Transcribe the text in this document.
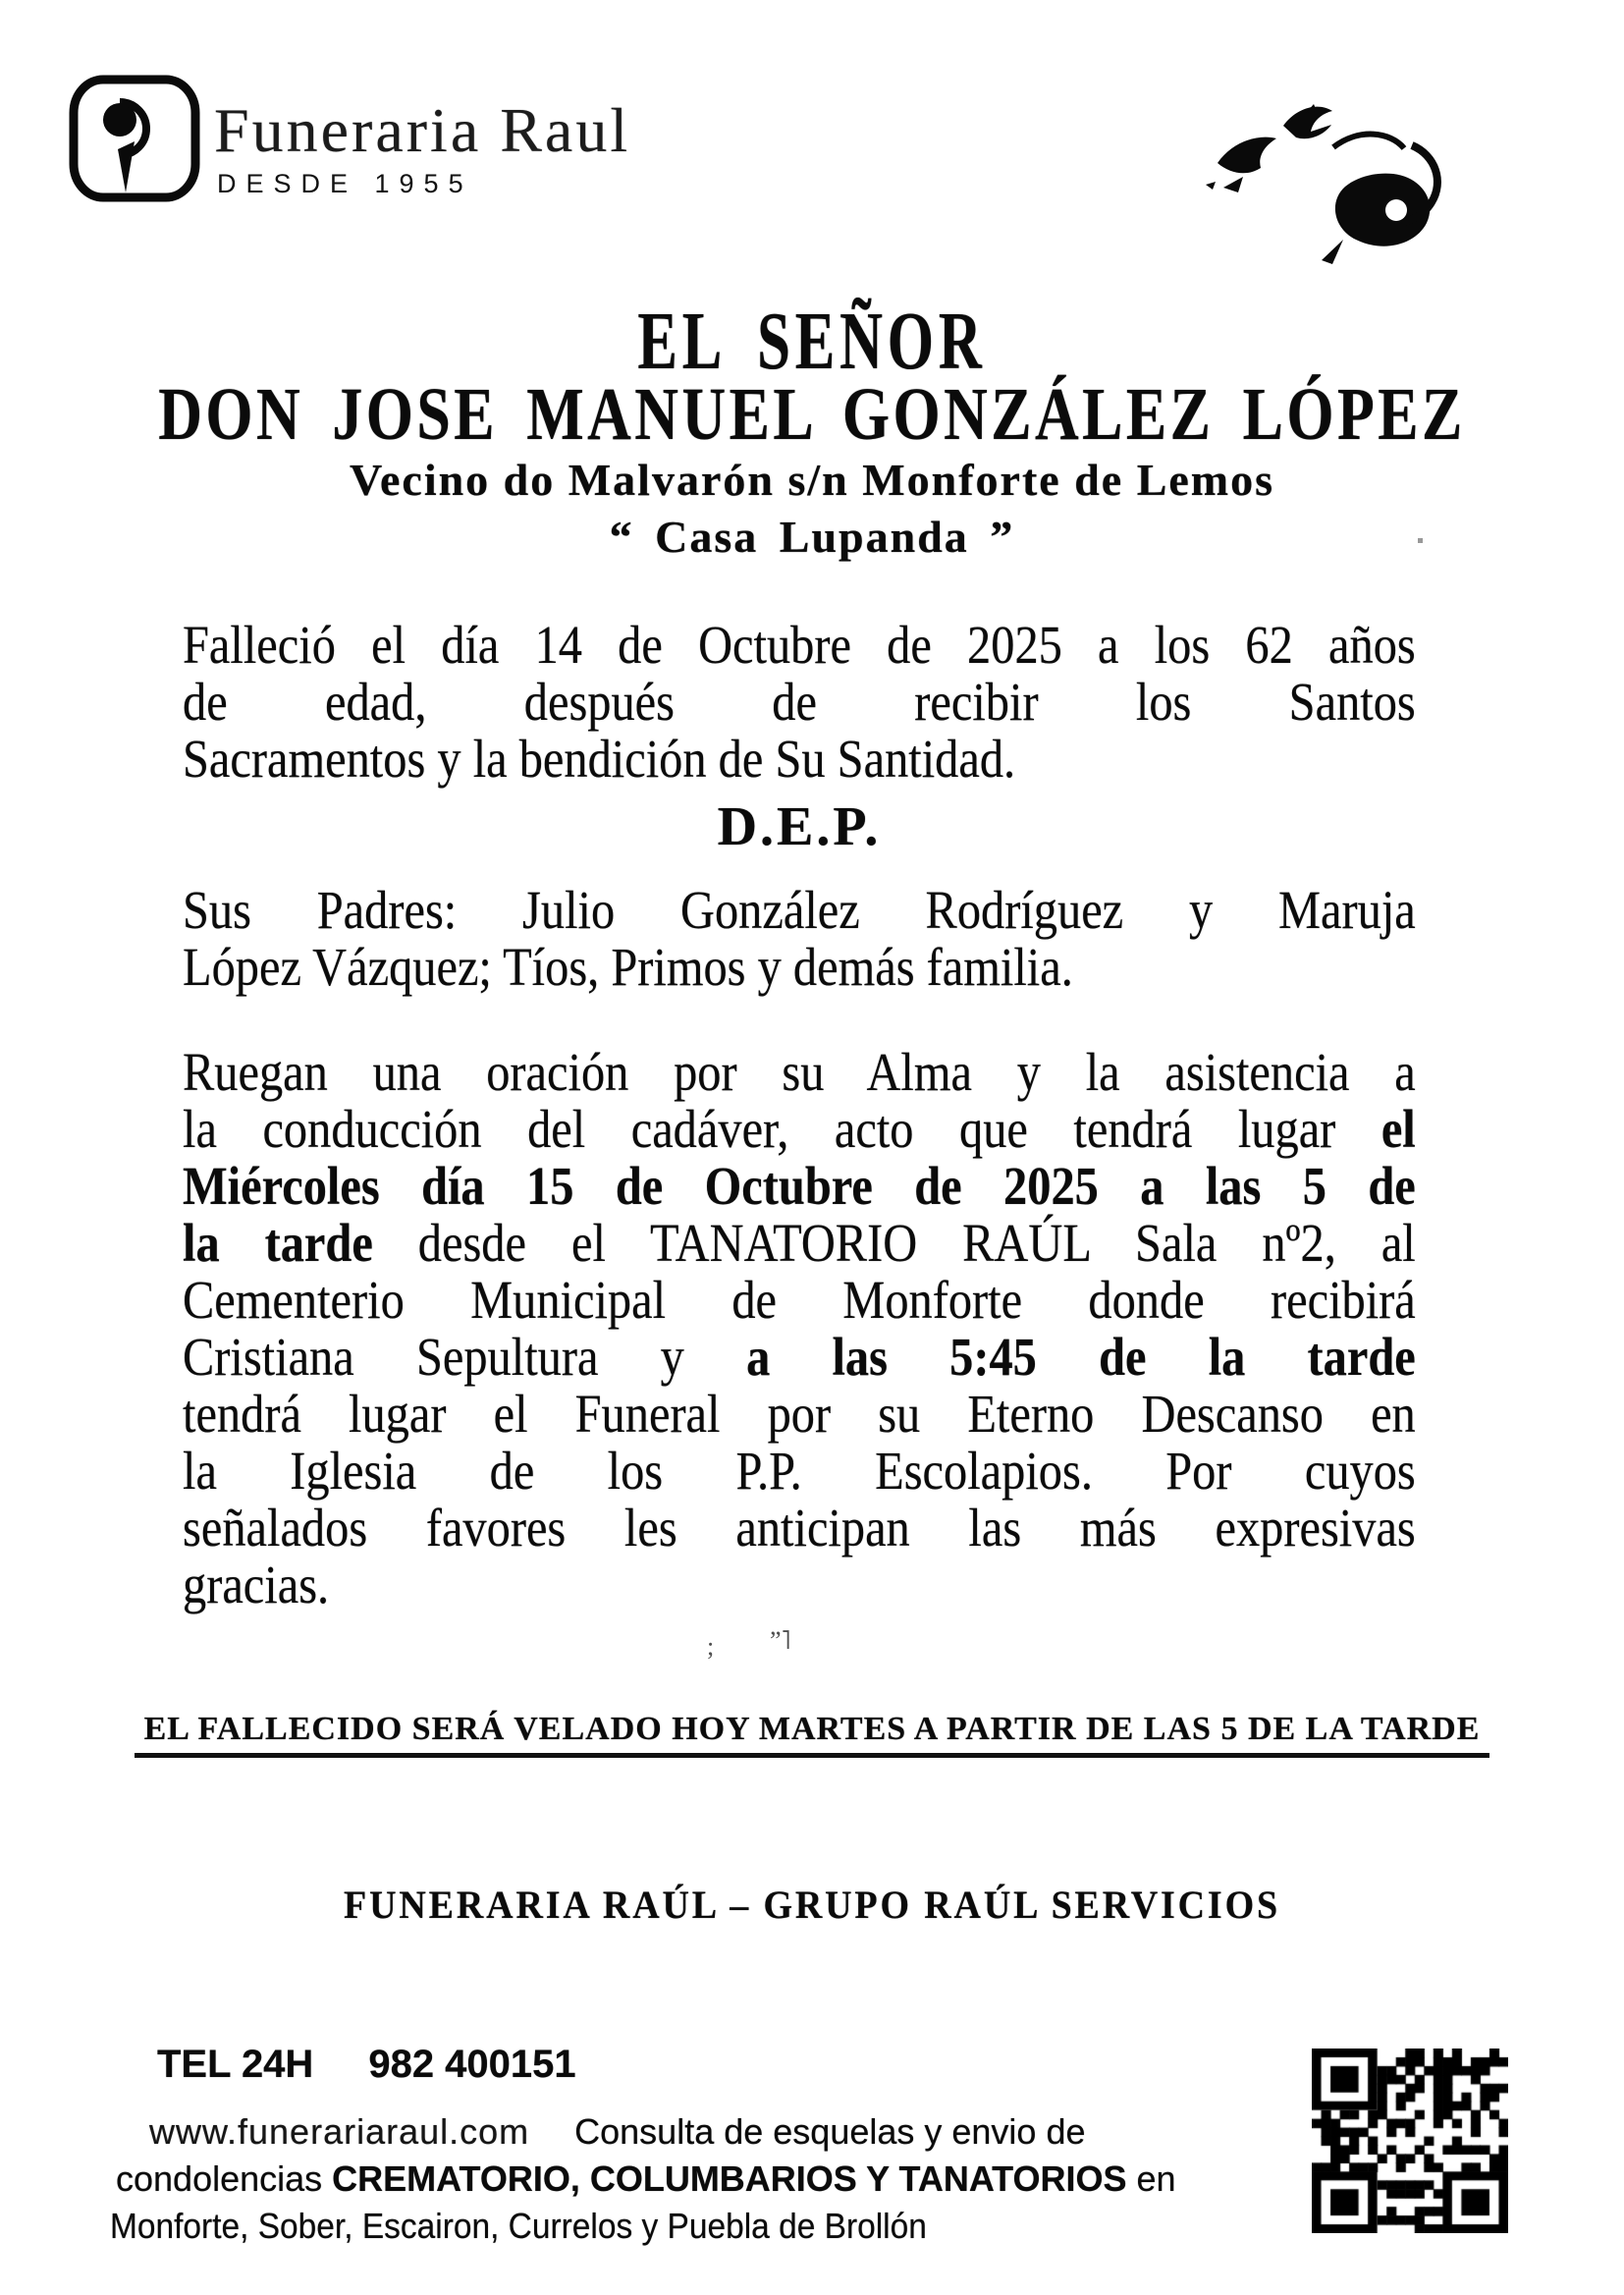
Funeraria Raul
DESDE 1955
EL SEÑOR
DON JOSE MANUEL GONZÁLEZ LÓPEZ
Vecino do Malvarón s/n Monforte de Lemos
“ Casa Lupanda ”
Falleció el día 14 de Octubre de 2025 a los 62 años
de edad, después de recibir los Santos
Sacramentos y la bendición de Su Santidad.
D.E.P.
Sus Padres: Julio González Rodríguez y Maruja
López Vázquez; Tíos, Primos y demás familia.
Ruegan una oración por su Alma y la asistencia a
la conducción del cadáver, acto que tendrá lugar el
Miércoles día 15 de Octubre de 2025 a las 5 de
la tarde desde el TANATORIO RAÚL Sala nº2, al
Cementerio Municipal de Monforte donde recibirá
Cristiana Sepultura y a las 5:45 de la tarde
tendrá lugar el Funeral por su Eterno Descanso en
la Iglesia de los P.P. Escolapios. Por cuyos
señalados favores les anticipan las más expresivas
gracias.
; ˮ˥
EL FALLECIDO SERÁ VELADO HOY MARTES A PARTIR DE LAS 5 DE LA TARDE
FUNERARIA RAÚL – GRUPO RAÚL SERVICIOS
TEL 24H 982 400151
www.funerariaraul.com Consulta de esquelas y envio de
condolencias CREMATORIO, COLUMBARIOS Y TANATORIOS en
Monforte, Sober, Escairon, Currelos y Puebla de Brollón
